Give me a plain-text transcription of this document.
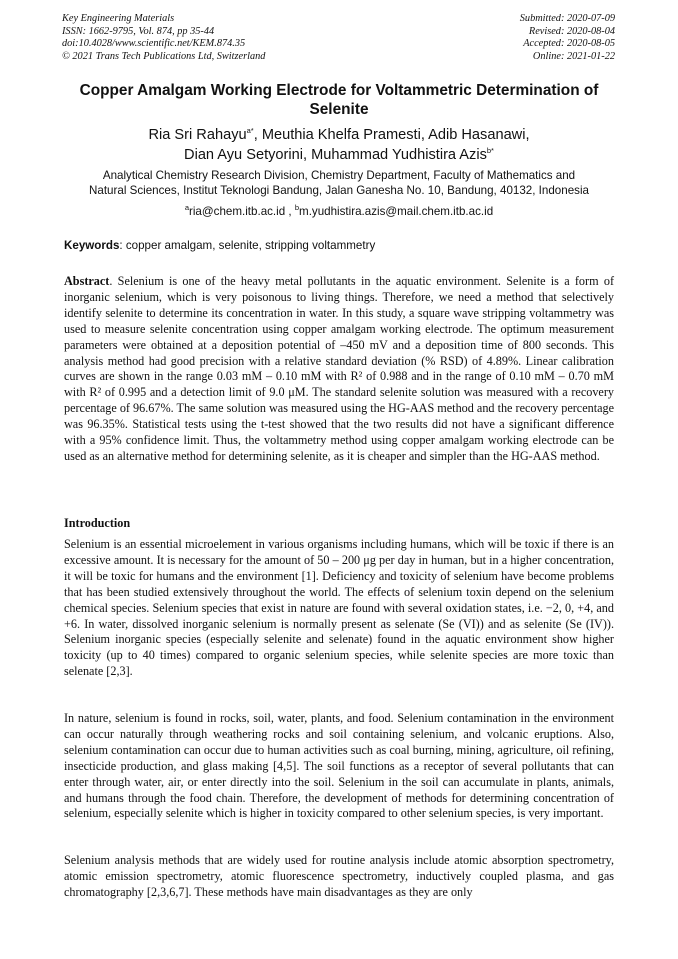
Key Engineering Materials
ISSN: 1662-9795, Vol. 874, pp 35-44
doi:10.4028/www.scientific.net/KEM.874.35
© 2021 Trans Tech Publications Ltd, Switzerland
Submitted: 2020-07-09
Revised: 2020-08-04
Accepted: 2020-08-05
Online: 2021-01-22
Copper Amalgam Working Electrode for Voltammetric Determination of Selenite
Ria Sri Rahayu$^{a*}$, Meuthia Khelfa Pramesti, Adib Hasanawi,
Dian Ayu Setyorini, Muhammad Yudhistira Azis$^{b*}$
Analytical Chemistry Research Division, Chemistry Department, Faculty of Mathematics and
Natural Sciences, Institut Teknologi Bandung, Jalan Ganesha No. 10, Bandung, 40132, Indonesia
$^a$ria@chem.itb.ac.id , $^b$m.yudhistira.azis@mail.chem.itb.ac.id
Keywords: copper amalgam, selenite, stripping voltammetry
Abstract. Selenium is one of the heavy metal pollutants in the aquatic environment. Selenite is a form of inorganic selenium, which is very poisonous to living things. Therefore, we need a method that selectively identify selenite to determine its concentration in water. In this study, a square wave stripping voltammetry was used to measure selenite concentration using copper amalgam working electrode. The optimum measurement parameters were obtained at a deposition potential of –450 mV and a deposition time of 800 seconds. This analysis method had good precision with a relative standard deviation (% RSD) of 4.89%. Linear calibration curves are shown in the range 0.03 mM – 0.10 mM with R² of 0.988 and in the range of 0.10 mM – 0.70 mM with R² of 0.995 and a detection limit of 9.0 μM. The standard selenite solution was measured with a recovery percentage of 96.67%. The same solution was measured using the HG-AAS method and the recovery percentage was 96.35%. Statistical tests using the t-test showed that the two results did not have a significant difference with a 95% confidence limit. Thus, the voltammetry method using copper amalgam working electrode can be used as an alternative method for determining selenite, as it is cheaper and simpler than the HG-AAS method.
Introduction
Selenium is an essential microelement in various organisms including humans, which will be toxic if there is an excessive amount. It is necessary for the amount of 50 – 200 μg per day in human, but in a higher concentration, it will be toxic for humans and the environment [1]. Deficiency and toxicity of selenium have become problems that has been studied extensively throughout the world. The effects of selenium toxin depend on the selenium chemical species. Selenium species that exist in nature are found with several oxidation states, i.e. −2, 0, +4, and +6. In water, dissolved inorganic selenium is normally present as selenate (Se (VI)) and as selenite (Se (IV)). Selenium inorganic species (especially selenite and selenate) found in the aquatic environment show higher toxicity (up to 40 times) compared to organic selenium species, while selenite species are more toxic than selenate [2,3].
In nature, selenium is found in rocks, soil, water, plants, and food. Selenium contamination in the environment can occur naturally through weathering rocks and soil containing selenium, and volcanic eruptions. Also, selenium contamination can occur due to human activities such as coal burning, mining, agriculture, oil refining, insecticide production, and glass making [4,5]. The soil functions as a receptor of several pollutants that can enter through water, air, or enter directly into the soil. Selenium in the soil can accumulate in plants, animals, and humans through the food chain. Therefore, the development of methods for determining concentration of selenium, especially selenite which is higher in toxicity compared to other selenium species, is very important.
Selenium analysis methods that are widely used for routine analysis include atomic absorption spectrometry, atomic emission spectrometry, atomic fluorescence spectrometry, inductively coupled plasma, and gas chromatography [2,3,6,7]. These methods have main disadvantages as they are only
